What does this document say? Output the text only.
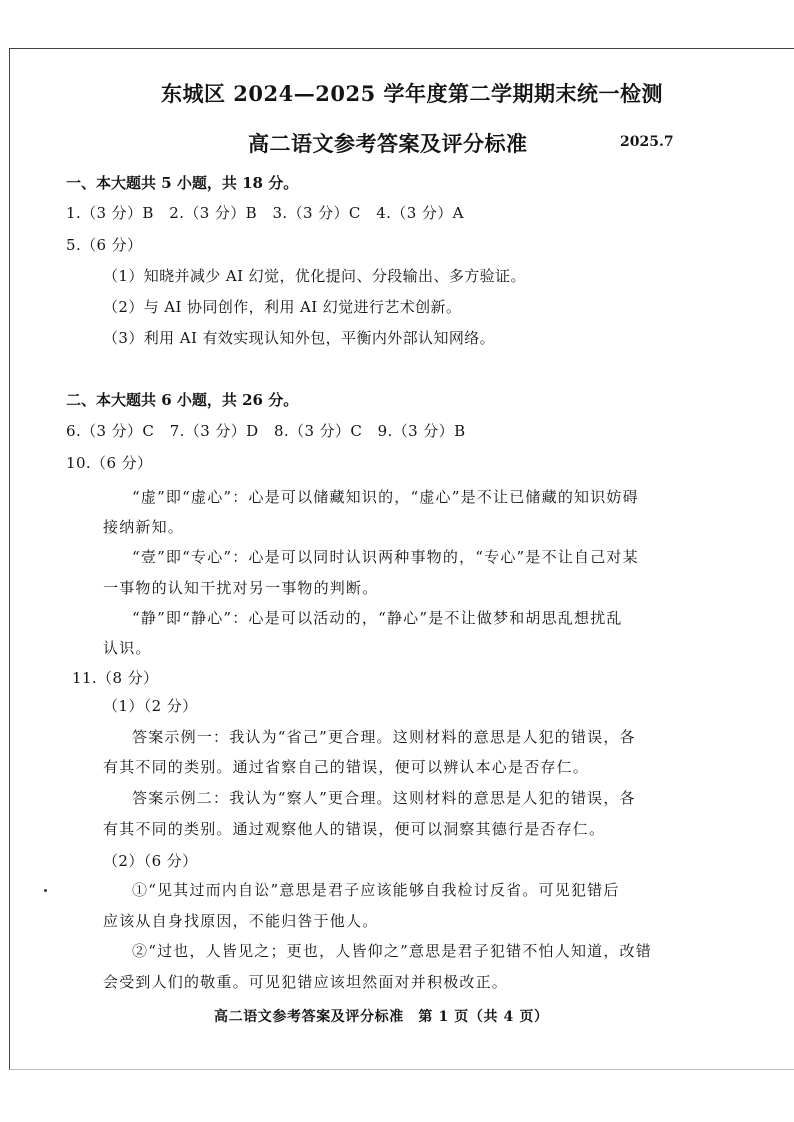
东城区 2024—2025 学年度第二学期期末统一检测
高二语文参考答案及评分标准	2025.7
一、本大题共 5 小题，共 18 分。
1.（3 分）B　2.（3 分）B　3.（3 分）C　4.（3 分）A
5.（6 分）
（1）知晓并减少 AI 幻觉，优化提问、分段输出、多方验证。
（2）与 AI 协同创作，利用 AI 幻觉进行艺术创新。
（3）利用 AI 有效实现认知外包，平衡内外部认知网络。
二、本大题共 6 小题，共 26 分。
6.（3 分）C　7.（3 分）D　8.（3 分）C　9.（3 分）B
10.（6 分）
“虚”即“虚心”：心是可以储藏知识的，“虚心”是不让已储藏的知识妨碍
接纳新知。
“壹”即“专心”：心是可以同时认识两种事物的，“专心”是不让自己对某
一事物的认知干扰对另一事物的判断。
“静”即“静心”：心是可以活动的，“静心”是不让做梦和胡思乱想扰乱
认识。
11.（8 分）
（1）（2 分）
答案示例一：我认为“省己”更合理。这则材料的意思是人犯的错误，各
有其不同的类别。通过省察自己的错误，便可以辨认本心是否存仁。
答案示例二：我认为“察人”更合理。这则材料的意思是人犯的错误，各
有其不同的类别。通过观察他人的错误，便可以洞察其德行是否存仁。
（2）（6 分）
①“见其过而内自讼”意思是君子应该能够自我检讨反省。可见犯错后
应该从自身找原因，不能归咎于他人。
②“过也，人皆见之；更也，人皆仰之”意思是君子犯错不怕人知道，改错
会受到人们的敬重。可见犯错应该坦然面对并积极改正。
高二语文参考答案及评分标准　第 1 页（共 4 页）
